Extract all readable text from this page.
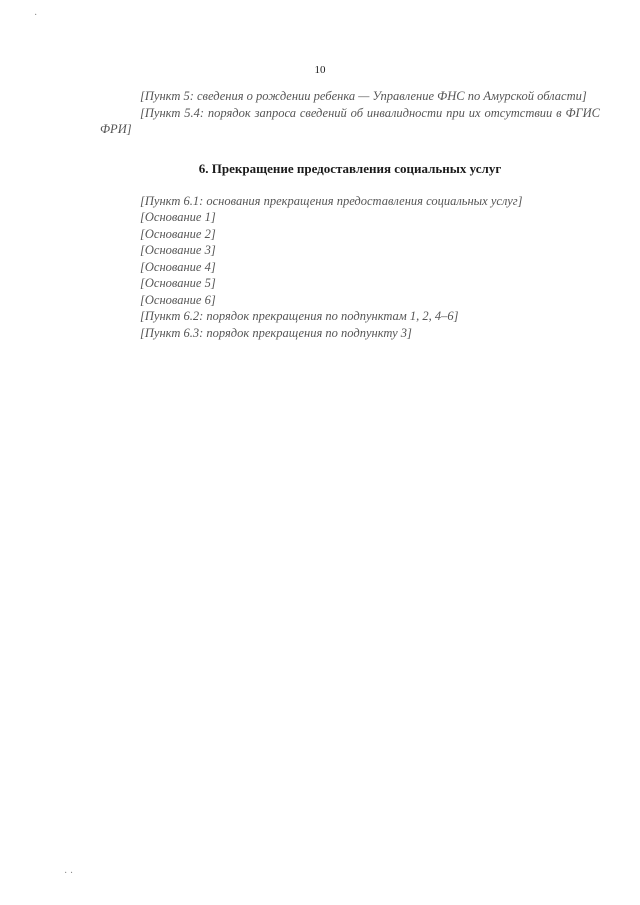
·
10

[Пункт 5: сведения о рождении ребенка — Управление ФНС по Амурской области]

[Пункт 5.4: порядок запроса сведений об инвалидности при их отсутствии в ФГИС ФРИ]

6. Прекращение предоставления социальных услуг

[Пункт 6.1: основания прекращения предоставления социальных услуг]

[Основание 1]

[Основание 2]

[Основание 3]

[Основание 4]

[Основание 5]

[Основание 6]

[Пункт 6.2: порядок прекращения по подпунктам 1, 2, 4–6]

[Пункт 6.3: порядок прекращения по подпункту 3]

· ·
